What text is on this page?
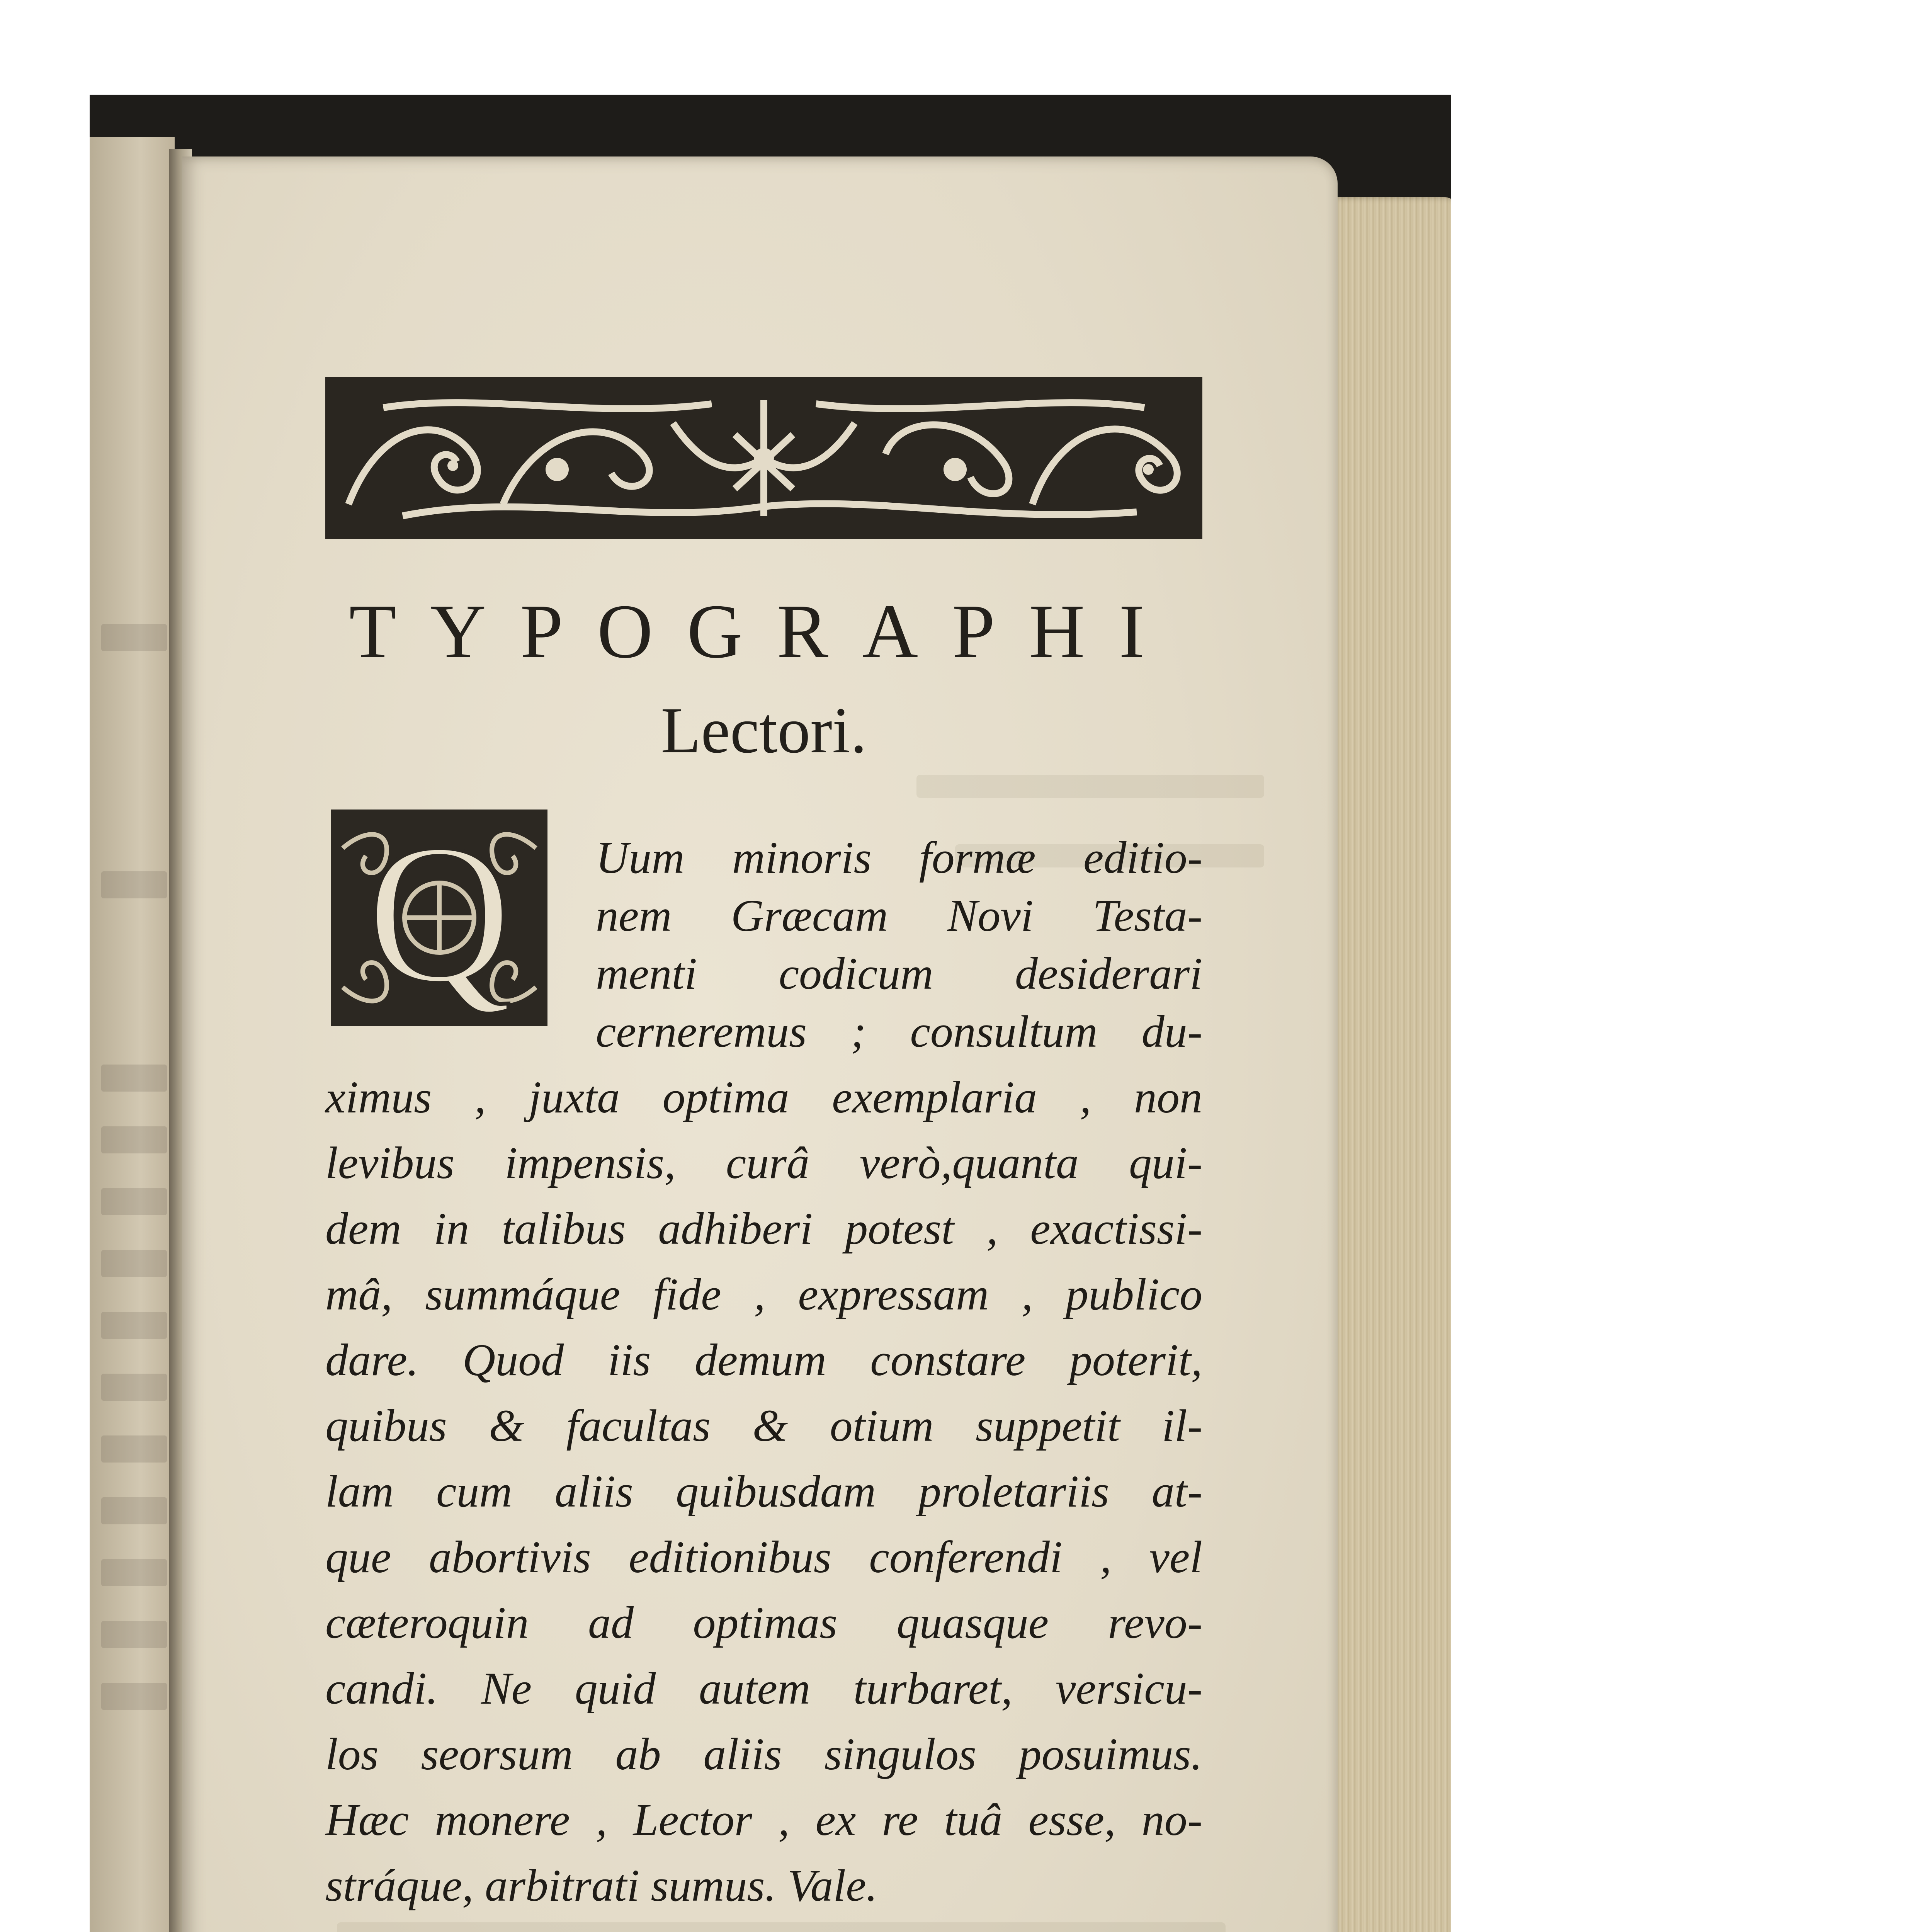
TYPOGRAPHI
Lectori.
Q	Uum minoris formæ editio-
nem Græcam Novi Testa-
menti codicum desiderari
cerneremus ; consultum du-
ximus , juxta optima exemplaria , non
levibus impensis, curâ verò,quanta qui-
dem in talibus adhiberi potest , exactissi-
mâ, summáque fide , expressam , publico
dare. Quod iis demum constare poterit,
quibus & facultas & otium suppetit il-
lam cum aliis quibusdam proletariis at-
que abortivis editionibus conferendi , vel
cæteroquin ad optimas quasque revo-
candi. Ne quid autem turbaret, versicu-
los seorsum ab aliis singulos posuimus.
Hæc monere , Lector , ex re tuâ esse, no-
stráque, arbitrati sumus. Vale.
